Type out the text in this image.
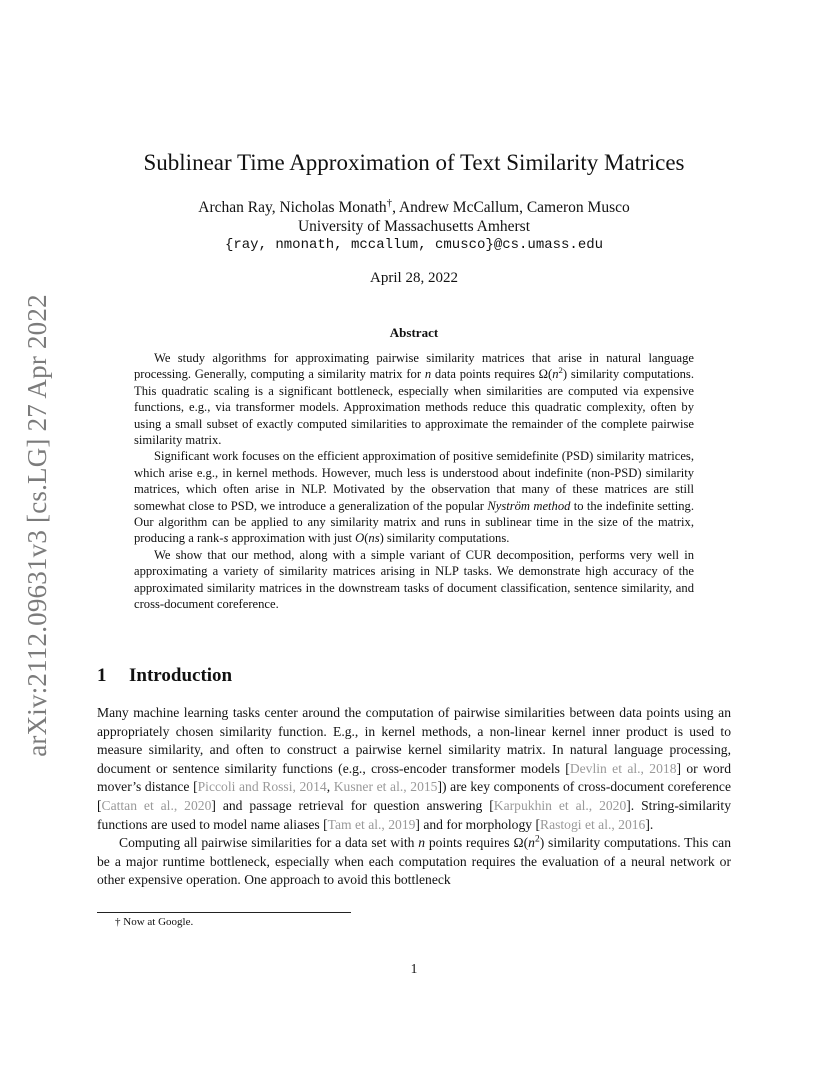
arXiv:2112.09631v3 [cs.LG] 27 Apr 2022
Sublinear Time Approximation of Text Similarity Matrices
Archan Ray, Nicholas Monath†, Andrew McCallum, Cameron Musco
University of Massachusetts Amherst
{ray, nmonath, mccallum, cmusco}@cs.umass.edu
April 28, 2022
Abstract

We study algorithms for approximating pairwise similarity matrices that arise in natural language processing. Generally, computing a similarity matrix for n data points requires $\Omega(n^2)$ similarity computations. This quadratic scaling is a significant bottleneck, especially when similarities are computed via expensive functions, e.g., via transformer models. Approximation methods reduce this quadratic complexity, often by using a small subset of exactly computed similarities to approximate the remainder of the complete pairwise similarity matrix.

Significant work focuses on the efficient approximation of positive semidefinite (PSD) similarity matrices, which arise e.g., in kernel methods. However, much less is understood about indefinite (non-PSD) similarity matrices, which often arise in NLP. Motivated by the observation that many of these matrices are still somewhat close to PSD, we introduce a generalization of the popular Nyström method to the indefinite setting. Our algorithm can be applied to any similarity matrix and runs in sublinear time in the size of the matrix, producing a rank-s approximation with just O(ns) similarity computations.

We show that our method, along with a simple variant of CUR decomposition, performs very well in approximating a variety of similarity matrices arising in NLP tasks. We demonstrate high accuracy of the approximated similarity matrices in the downstream tasks of document classification, sentence similarity, and cross-document coreference.

1 Introduction

Many machine learning tasks center around the computation of pairwise similarities between data points using an appropriately chosen similarity function. E.g., in kernel methods, a non-linear kernel inner product is used to measure similarity, and often to construct a pairwise kernel similarity matrix. In natural language processing, document or sentence similarity functions (e.g., cross-encoder transformer models [Devlin et al., 2018] or word mover’s distance [Piccoli and Rossi, 2014, Kusner et al., 2015]) are key components of cross-document coreference [Cattan et al., 2020] and passage retrieval for question answering [Karpukhin et al., 2020]. String-similarity functions are used to model name aliases [Tam et al., 2019] and for morphology [Rastogi et al., 2016].

Computing all pairwise similarities for a data set with n points requires $\Omega(n^2)$ similarity computations. This can be a major runtime bottleneck, especially when each computation requires the evaluation of a neural network or other expensive operation. One approach to avoid this bottleneck

† Now at Google.
1
